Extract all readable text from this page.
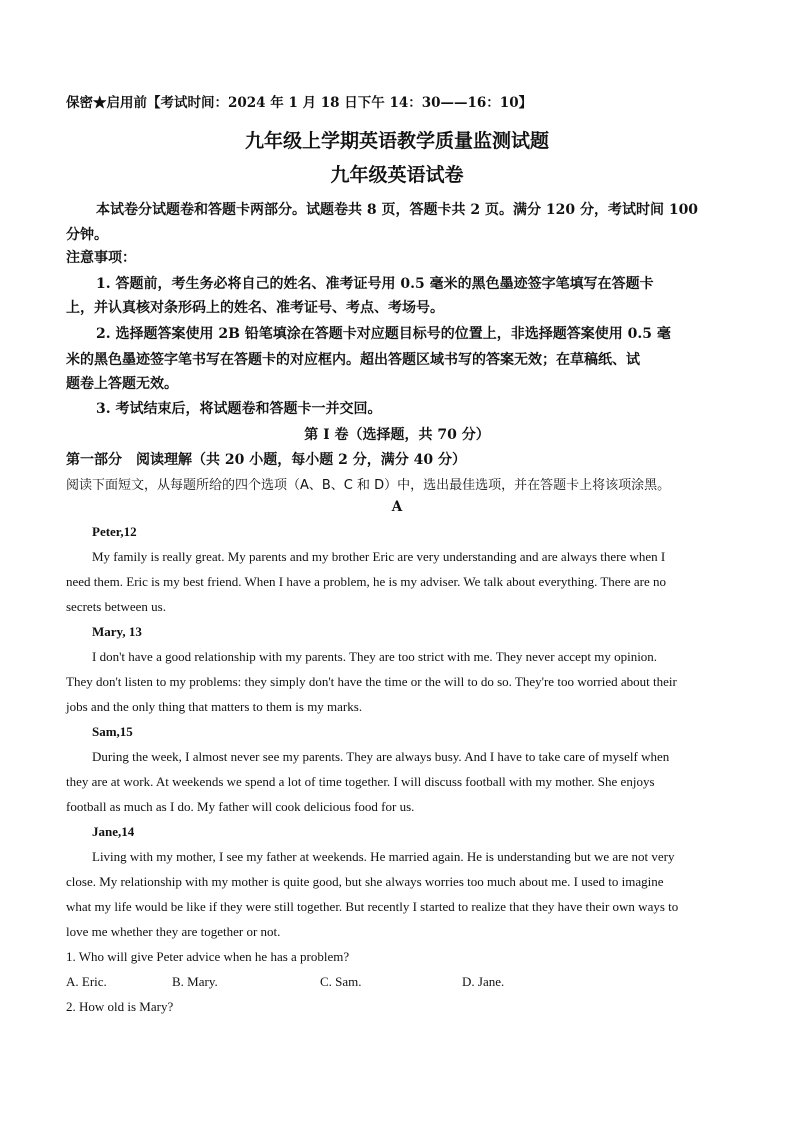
保密★启用前【考试时间：2024 年 1 月 18 日下午 14：30——16：10】
九年级上学期英语教学质量监测试题
九年级英语试卷
本试卷分试题卷和答题卡两部分。试题卷共 8 页，答题卡共 2 页。满分 120 分，考试时间 100
分钟。
注意事项：
1. 答题前，考生务必将自己的姓名、准考证号用 0.5 毫米的黑色墨迹签字笔填写在答题卡
上，并认真核对条形码上的姓名、准考证号、考点、考场号。
2. 选择题答案使用 2B 铅笔填涂在答题卡对应题目标号的位置上，非选择题答案使用 0.5 毫
米的黑色墨迹签字笔书写在答题卡的对应框内。超出答题区域书写的答案无效；在草稿纸、试
题卷上答题无效。
3. 考试结束后，将试题卷和答题卡一并交回。
第 I 卷（选择题，共 70 分）
第一部分　阅读理解（共 20 小题，每小题 2 分，满分 40 分）
阅读下面短文，从每题所给的四个选项（A、B、C 和 D）中，选出最佳选项，并在答题卡上将该项涂黑。
A
Peter,12
My family is really great. My parents and my brother Eric are very understanding and are always there when I
need them. Eric is my best friend. When I have a problem, he is my adviser. We talk about everything. There are no
secrets between us.
Mary, 13
I don't have a good relationship with my parents. They are too strict with me. They never accept my opinion.
They don't listen to my problems: they simply don't have the time or the will to do so. They're too worried about their
jobs and the only thing that matters to them is my marks.
Sam,15
During the week, I almost never see my parents. They are always busy. And I have to take care of myself when
they are at work. At weekends we spend a lot of time together. I will discuss football with my mother. She enjoys
football as much as I do. My father will cook delicious food for us.
Jane,14
Living with my mother, I see my father at weekends. He married again. He is understanding but we are not very
close. My relationship with my mother is quite good, but she always worries too much about me. I used to imagine
what my life would be like if they were still together. But recently I started to realize that they have their own ways to
love me whether they are together or not.
1. Who will give Peter advice when he has a problem?
A. Eric.	B. Mary.	C. Sam.	D. Jane.
2. How old is Mary?
